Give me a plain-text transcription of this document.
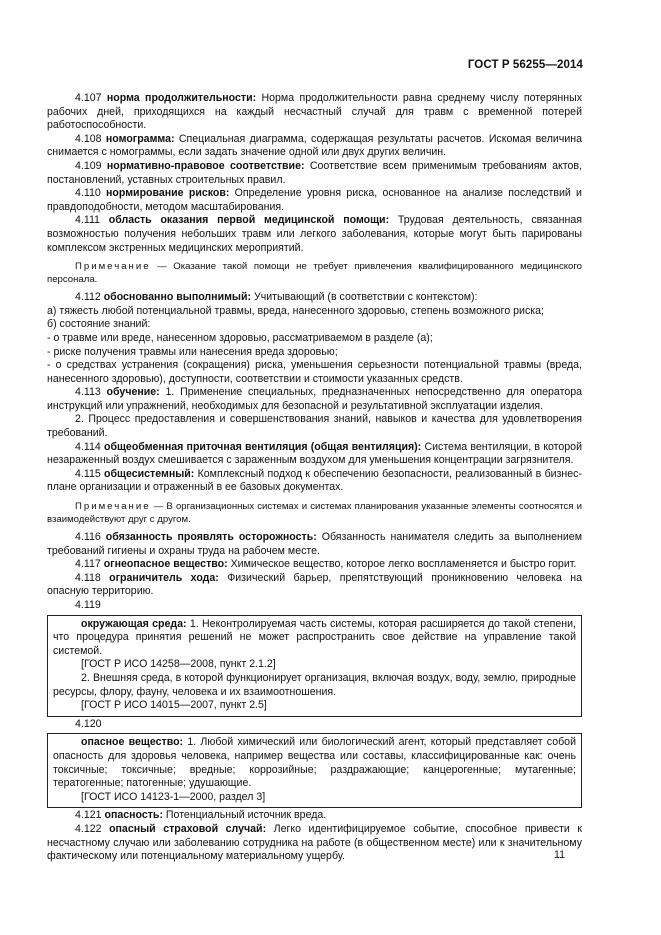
ГОСТ Р 56255—2014

4.107 норма продолжительности: Норма продолжительности равна среднему числу потерянных рабочих дней, приходящихся на каждый несчастный случай для травм с временной потерей работоспособности.

4.108 номограмма: Специальная диаграмма, содержащая результаты расчетов. Искомая величина снимается с номограммы, если задать значение одной или двух других величин.

4.109 нормативно-правовое соответствие: Соответствие всем применимым требованиям актов, постановлений, уставных строительных правил.

4.110 нормирование рисков: Определение уровня риска, основанное на анализе последствий и правдоподобности, методом масштабирования.

4.111 область оказания первой медицинской помощи: Трудовая деятельность, связанная возможностью получения небольших травм или легкого заболевания, которые могут быть парированы комплексом экстренных медицинских мероприятий.

Примечание — Оказание такой помощи не требует привлечения квалифицированного медицинского персонала.

4.112 обоснованно выполнимый: Учитывающий (в соответствии с контекстом):

а) тяжесть любой потенциальной травмы, вреда, нанесенного здоровью, степень возможного риска;

б) состояние знаний:

- о травме или вреде, нанесенном здоровью, рассматриваемом в разделе (а);

- риске получения травмы или нанесения вреда здоровью;

- о средствах устранения (сокращения) риска, уменьшения серьезности потенциальной травмы (вреда, нанесенного здоровью), доступности, соответствии и стоимости указанных средств.

4.113 обучение: 1. Применение специальных, предназначенных непосредственно для оператора инструкций или упражнений, необходимых для безопасной и результативной эксплуатации изделия.

2. Процесс предоставления и совершенствования знаний, навыков и качества для удовлетворения требований.

4.114 общеобменная приточная вентиляция (общая вентиляция): Система вентиляции, в которой незараженный воздух смешивается с зараженным воздухом для уменьшения концентрации загрязнителя.

4.115 общесистемный: Комплексный подход к обеспечению безопасности, реализованный в бизнес-плане организации и отраженный в ее базовых документах.

Примечание — В организационных системах и системах планирования указанные элементы соотносятся и взаимодействуют друг с другом.

4.116 обязанность проявлять осторожность: Обязанность нанимателя следить за выполнением требований гигиены и охраны труда на рабочем месте.

4.117 огнеопасное вещество: Химическое вещество, которое легко воспламеняется и быстро горит.

4.118 ограничитель хода: Физический барьер, препятствующий проникновению человека на опасную территорию.

4.119

окружающая среда: 1. Неконтролируемая часть системы, которая расширяется до такой степени, что процедура принятия решений не может распространить свое действие на управление такой системой.

[ГОСТ Р ИСО 14258—2008, пункт 2.1.2]

2. Внешняя среда, в которой функционирует организация, включая воздух, воду, землю, природные ресурсы, флору, фауну, человека и их взаимоотношения.

[ГОСТ Р ИСО 14015—2007, пункт 2.5]

4.120

опасное вещество: 1. Любой химический или биологический агент, который представляет собой опасность для здоровья человека, например вещества или составы, классифицированные как: очень токсичные; токсичные; вредные; коррозийные; раздражающие; канцерогенные; мутагенные; тератогенные; патогенные; удушающие.

[ГОСТ ИСО 14123-1—2000, раздел 3]

4.121 опасность: Потенциальный источник вреда.

4.122 опасный страховой случай: Легко идентифицируемое событие, способное привести к несчастному случаю или заболеванию сотрудника на работе (в общественном месте) или к значительному фактическому или потенциальному материальному ущербу.	11
